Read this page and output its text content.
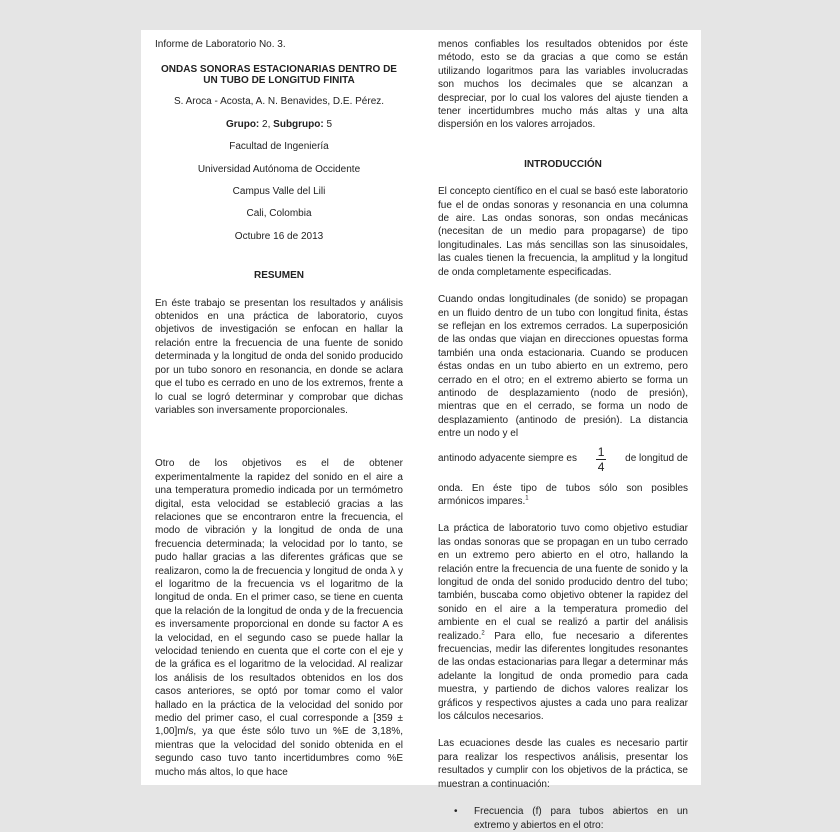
Informe de Laboratorio No. 3.

ONDAS SONORAS ESTACIONARIAS DENTRO DE
UN TUBO DE LONGITUD FINITA

S. Aroca - Acosta, A. N. Benavides, D.E. Pérez.

Grupo: 2, Subgrupo: 5

Facultad de Ingeniería

Universidad Autónoma de Occidente

Campus Valle del Lili

Cali, Colombia

Octubre 16 de 2013

RESUMEN

En éste trabajo se presentan los resultados y análisis obtenidos en una práctica de laboratorio, cuyos objetivos de investigación se enfocan en hallar la relación entre la frecuencia de una fuente de sonido determinada y la longitud de onda del sonido producido por un tubo sonoro en resonancia, en donde se aclara que el tubo es cerrado en uno de los extremos, frente a lo cual se logró determinar y comprobar que dichas variables son inversamente proporcionales.

Otro de los objetivos es el de obtener experimentalmente la rapidez del sonido en el aire a una temperatura promedio indicada por un termómetro digital, esta velocidad se estableció gracias a las relaciones que se encontraron entre la frecuencia, el modo de vibración y la longitud de onda de una frecuencia determinada; la velocidad por lo tanto, se pudo hallar gracias a las diferentes gráficas que se realizaron, como la de frecuencia y longitud de onda λ y el logaritmo de la frecuencia vs el logaritmo de la longitud de onda. En el primer caso, se tiene en cuenta que la relación de la longitud de onda y de la frecuencia es inversamente proporcional en donde su factor A es la velocidad, en el segundo caso se puede hallar la velocidad teniendo en cuenta que el corte con el eje y de la gráfica es el logaritmo de la velocidad. Al realizar los análisis de los resultados obtenidos en los dos casos anteriores, se optó por tomar como el valor hallado en la práctica de la velocidad del sonido por medio del primer caso, el cual corresponde a [359 ± 1,00]m/s, ya que éste sólo tuvo un %E de 3,18%, mientras que la velocidad del sonido obtenida en el segundo caso tuvo tanto incertidumbres como %E mucho más altos, lo que hace

menos confiables los resultados obtenidos por éste método, esto se da gracias a que como se están utilizando logaritmos para las variables involucradas son muchos los decimales que se alcanzan a despreciar, por lo cual los valores del ajuste tienden a tener incertidumbres mucho más altas y una alta dispersión en los valores arrojados.

INTRODUCCIÓN

El concepto científico en el cual se basó este laboratorio fue el de ondas sonoras y resonancia en una columna de aire. Las ondas sonoras, son ondas mecánicas (necesitan de un medio para propagarse) de tipo longitudinales. Las más sencillas son las sinusoidales, las cuales tienen la frecuencia, la amplitud y la longitud de onda completamente especificadas.

Cuando ondas longitudinales (de sonido) se propagan en un fluido dentro de un tubo con longitud finita, éstas se reflejan en los extremos cerrados. La superposición de las ondas que viajan en direcciones opuestas forma también una onda estacionaria. Cuando se producen éstas ondas en un tubo abierto en un extremo, pero cerrado en el otro; en el extremo abierto se forma un antinodo de desplazamiento (nodo de presión), mientras que en el cerrado, se forma un nodo de desplazamiento (antinodo de presión). La distancia entre un nodo y el

antinodo adyacente siempre es $\frac{1}{4}$ de longitud de

onda. En éste tipo de tubos sólo son posibles armónicos impares.$^1$

La práctica de laboratorio tuvo como objetivo estudiar las ondas sonoras que se propagan en un tubo cerrado en un extremo pero abierto en el otro, hallando la relación entre la frecuencia de una fuente de sonido y la longitud de onda del sonido producido dentro del tubo; también, buscaba como objetivo obtener la rapidez del sonido en el aire a la temperatura promedio del ambiente en el cual se realizó a partir del análisis realizado.$^2$ Para ello, fue necesario a diferentes frecuencias, medir las diferentes longitudes resonantes de las ondas estacionarias para llegar a determinar más adelante la longitud de onda promedio para cada muestra, y partiendo de dichos valores realizar los gráficos y respectivos ajustes a cada uno para realizar los cálculos necesarios.

Las ecuaciones desde las cuales es necesario partir para realizar los respectivos análisis, presentar los resultados y cumplir con los objetivos de la práctica, se muestran a continuación:

•	Frecuencia (f) para tubos abiertos en un extremo y abiertos en el otro:
